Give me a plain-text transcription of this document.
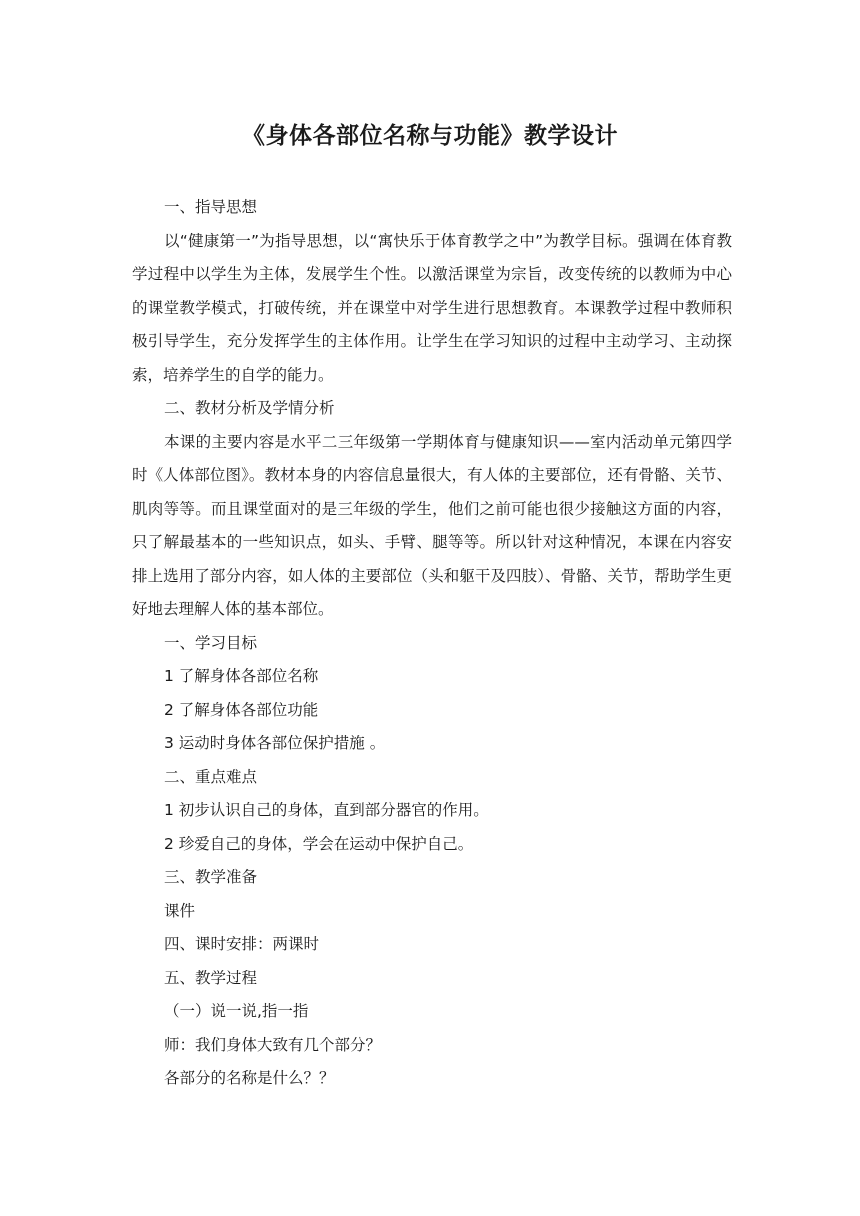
《身体各部位名称与功能》教学设计

一、指导思想

以“健康第一”为指导思想，以“寓快乐于体育教学之中”为教学目标。强调在体育教学过程中以学生为主体，发展学生个性。以激活课堂为宗旨，改变传统的以教师为中心的课堂教学模式，打破传统，并在课堂中对学生进行思想教育。本课教学过程中教师积极引导学生，充分发挥学生的主体作用。让学生在学习知识的过程中主动学习、主动探索，培养学生的自学的能力。

二、教材分析及学情分析

本课的主要内容是水平二三年级第一学期体育与健康知识——室内活动单元第四学时《人体部位图》。教材本身的内容信息量很大，有人体的主要部位，还有骨骼、关节、肌肉等等。而且课堂面对的是三年级的学生，他们之前可能也很少接触这方面的内容，只了解最基本的一些知识点，如头、手臂、腿等等。所以针对这种情况，本课在内容安排上选用了部分内容，如人体的主要部位（头和躯干及四肢）、骨骼、关节，帮助学生更好地去理解人体的基本部位。

一、学习目标

1 了解身体各部位名称

2 了解身体各部位功能

3 运动时身体各部位保护措施 。

二、重点难点

1 初步认识自己的身体，直到部分器官的作用。

2 珍爱自己的身体，学会在运动中保护自己。

三、教学准备

课件

四、课时安排：两课时

五、教学过程

（一）说一说,指一指

师：我们身体大致有几个部分？

各部分的名称是什么？？
